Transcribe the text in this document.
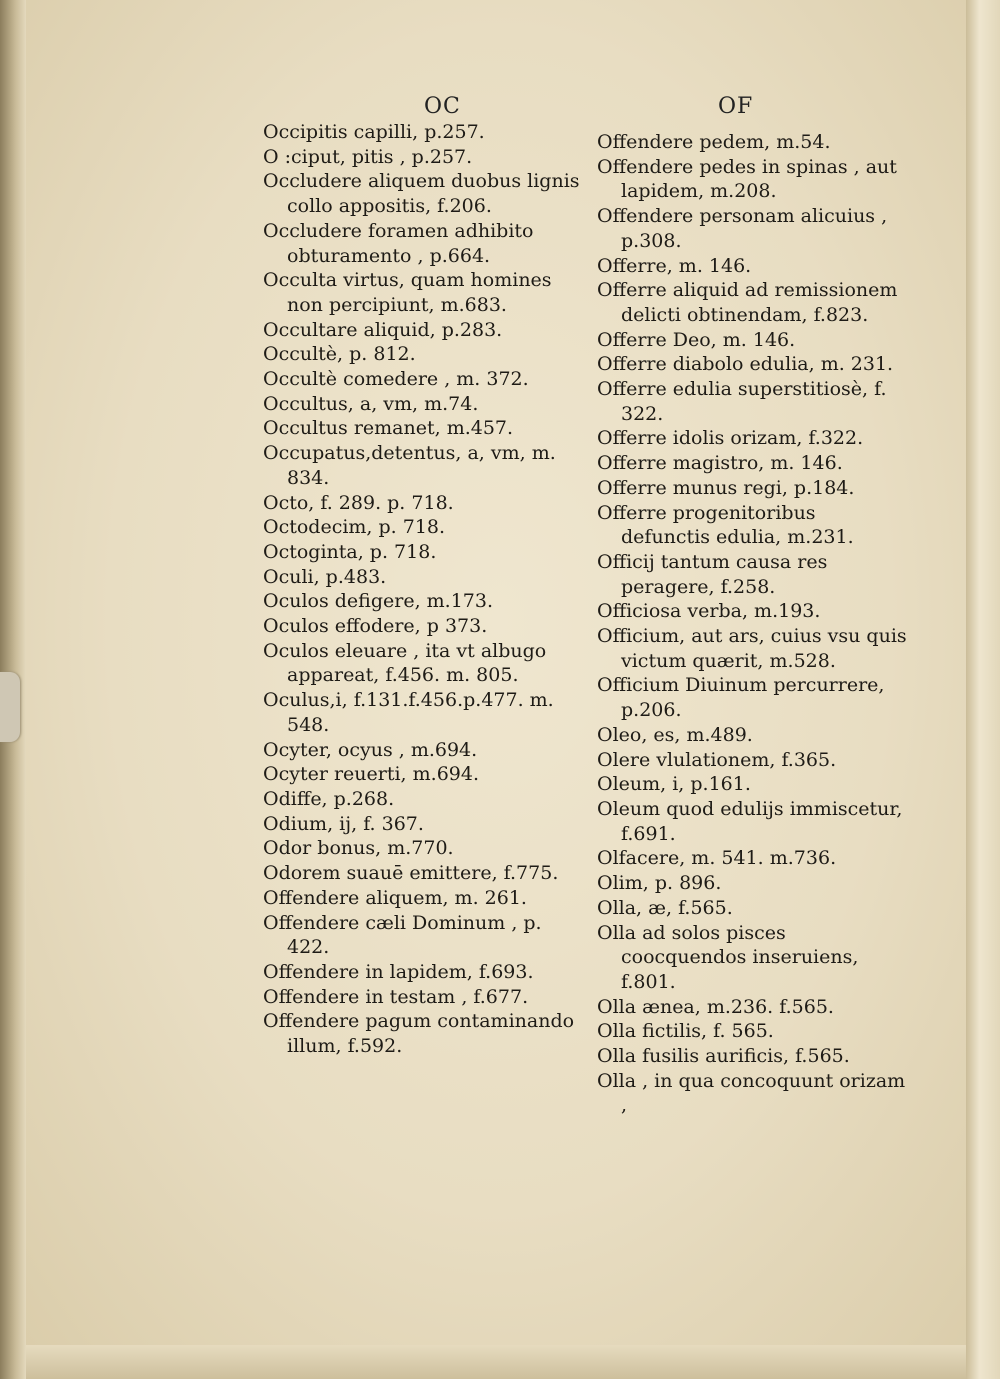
OC	OF
Occipitis capilli, p.257.
O :ciput, pitis , p.257.
Occludere aliquem duobus lignis collo appositis, f.206.
Occludere foramen adhibito obturamento , p.664.
Occulta virtus, quam homines non percipiunt, m.683.
Occultare aliquid, p.283.
Occultè, p. 812.
Occultè comedere , m. 372.
Occultus, a, vm, m.74.
Occultus remanet, m.457.
Occupatus,detentus, a, vm, m. 834.
Octo, f. 289. p. 718.
Octodecim, p. 718.
Octoginta, p. 718.
Oculi, p.483.
Oculos defigere, m.173.
Oculos effodere, p 373.
Oculos eleuare , ita vt albugo appareat, f.456. m. 805.
Oculus,i, f.131.f.456.p.477. m. 548.
Ocyter, ocyus , m.694.
Ocyter reuerti, m.694.
Odiffe, p.268.
Odium, ij, f. 367.
Odor bonus, m.770.
Odorem suauē emittere, f.775.
Offendere aliquem, m. 261.
Offendere cæli Dominum , p. 422.
Offendere in lapidem, f.693.
Offendere in testam , f.677.
Offendere pagum contaminando illum, f.592.
Offendere pedem, m.54.
Offendere pedes in spinas , aut lapidem, m.208.
Offendere personam alicuius , p.308.
Offerre, m. 146.
Offerre aliquid ad remissionem delicti obtinendam, f.823.
Offerre Deo, m. 146.
Offerre diabolo edulia, m. 231.
Offerre edulia superstitiosè, f. 322.
Offerre idolis orizam, f.322.
Offerre magistro, m. 146.
Offerre munus regi, p.184.
Offerre progenitoribus defunctis edulia, m.231.
Officij tantum causa res peragere, f.258.
Officiosa verba, m.193.
Officium, aut ars, cuius vsu quis victum quærit, m.528.
Officium Diuinum percurrere, p.206.
Oleo, es, m.489.
Olere vlulationem, f.365.
Oleum, i, p.161.
Oleum quod edulijs immiscetur, f.691.
Olfacere, m. 541. m.736.
Olim, p. 896.
Olla, æ, f.565.
Olla ad solos pisces coocquendos inseruiens, f.801.
Olla ænea, m.236. f.565.
Olla fictilis, f. 565.
Olla fusilis aurificis, f.565.
Olla , in qua concoquunt orizam ,
